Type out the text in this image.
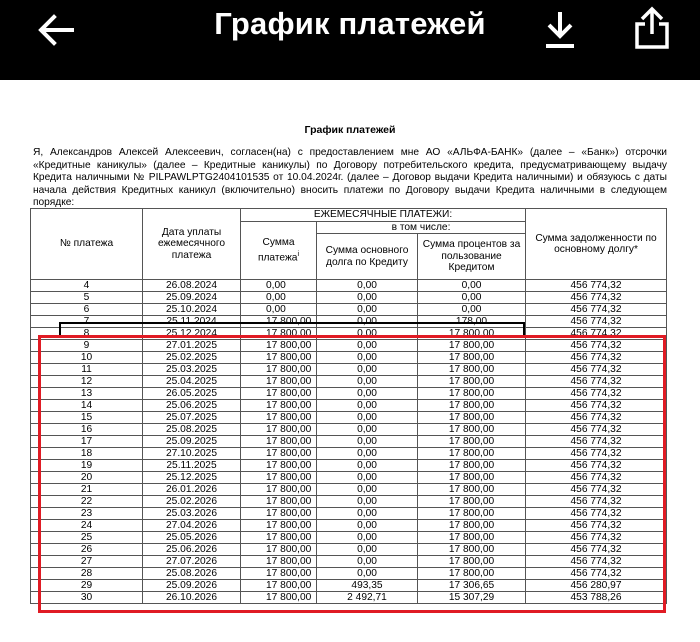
График платежей
График платежей
Я, Александров Алексей Алексеевич, согласен(на) с предоставлением мне АО «АЛЬФА-БАНК» (далее – «Банк») отсрочки «Кредитные каникулы» (далее – Кредитные каникулы) по Договору потребительского кредита, предусматривающему выдачу Кредита наличными № PILPAWLPTG2404101535 от 10.04.2024г. (далее – Договор выдачи Кредита наличными) и обязуюсь с даты начала действия Кредитных каникул (включительно) вносить платежи по Договору выдачи Кредита наличными в следующем порядке:
№ платежа	Дата уплаты ежемесячного платежа	ЕЖЕМЕСЯЧНЫЕ ПЛАТЕЖИ:			Сумма задолженности по основному долгу*
		Сумма платежа$^i$	в том числе:		
			Сумма основного долга по Кредиту	Сумма процентов за пользование Кредитом	
4	26.08.2024	0,00	0,00	0,00	456 774,32
5	25.09.2024	0,00	0,00	0,00	456 774,32
6	25.10.2024	0,00	0,00	0,00	456 774,32
7	25.11.2024	17 800,00	0,00	178,00	456 774,32
8	25.12.2024	17 800,00	0,00	17 800,00	456 774,32
9	27.01.2025	17 800,00	0,00	17 800,00	456 774,32
10	25.02.2025	17 800,00	0,00	17 800,00	456 774,32
11	25.03.2025	17 800,00	0,00	17 800,00	456 774,32
12	25.04.2025	17 800,00	0,00	17 800,00	456 774,32
13	26.05.2025	17 800,00	0,00	17 800,00	456 774,32
14	25.06.2025	17 800,00	0,00	17 800,00	456 774,32
15	25.07.2025	17 800,00	0,00	17 800,00	456 774,32
16	25.08.2025	17 800,00	0,00	17 800,00	456 774,32
17	25.09.2025	17 800,00	0,00	17 800,00	456 774,32
18	27.10.2025	17 800,00	0,00	17 800,00	456 774,32
19	25.11.2025	17 800,00	0,00	17 800,00	456 774,32
20	25.12.2025	17 800,00	0,00	17 800,00	456 774,32
21	26.01.2026	17 800,00	0,00	17 800,00	456 774,32
22	25.02.2026	17 800,00	0,00	17 800,00	456 774,32
23	25.03.2026	17 800,00	0,00	17 800,00	456 774,32
24	27.04.2026	17 800,00	0,00	17 800,00	456 774,32
25	25.05.2026	17 800,00	0,00	17 800,00	456 774,32
26	25.06.2026	17 800,00	0,00	17 800,00	456 774,32
27	27.07.2026	17 800,00	0,00	17 800,00	456 774,32
28	25.08.2026	17 800,00	0,00	17 800,00	456 774,32
29	25.09.2026	17 800,00	493,35	17 306,65	456 280,97
30	26.10.2026	17 800,00	2 492,71	15 307,29	453 788,26
